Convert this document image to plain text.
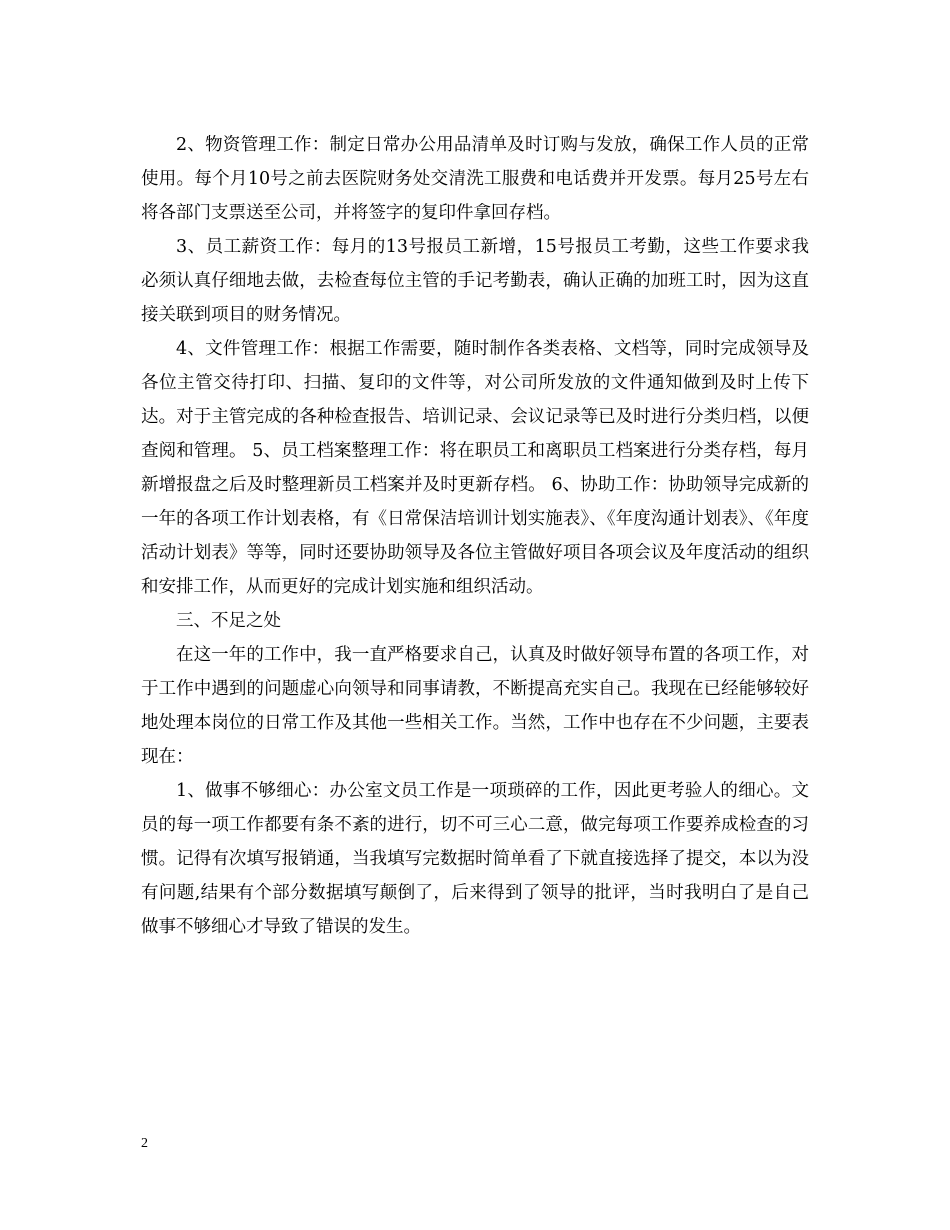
2、物资管理工作：制定日常办公用品清单及时订购与发放，确保工作人员的正常使用。每个月10号之前去医院财务处交清洗工服费和电话费并开发票。每月25号左右将各部门支票送至公司，并将签字的复印件拿回存档。

3、员工薪资工作：每月的13号报员工新增，15号报员工考勤，这些工作要求我必须认真仔细地去做，去检查每位主管的手记考勤表，确认正确的加班工时，因为这直接关联到项目的财务情况。

4、文件管理工作：根据工作需要，随时制作各类表格、文档等，同时完成领导及各位主管交待打印、扫描、复印的文件等，对公司所发放的文件通知做到及时上传下达。对于主管完成的各种检查报告、培训记录、会议记录等已及时进行分类归档，以便查阅和管理。 5、员工档案整理工作：将在职员工和离职员工档案进行分类存档，每月新增报盘之后及时整理新员工档案并及时更新存档。 6、协助工作：协助领导完成新的一年的各项工作计划表格，有《日常保洁培训计划实施表》、《年度沟通计划表》、《年度活动计划表》等等，同时还要协助领导及各位主管做好项目各项会议及年度活动的组织和安排工作，从而更好的完成计划实施和组织活动。

三、不足之处

在这一年的工作中，我一直严格要求自己，认真及时做好领导布置的各项工作，对于工作中遇到的问题虚心向领导和同事请教，不断提高充实自己。我现在已经能够较好地处理本岗位的日常工作及其他一些相关工作。当然，工作中也存在不少问题，主要表现在：

1、做事不够细心：办公室文员工作是一项琐碎的工作，因此更考验人的细心。文员的每一项工作都要有条不紊的进行，切不可三心二意，做完每项工作要养成检查的习惯。记得有次填写报销通，当我填写完数据时简单看了下就直接选择了提交，本以为没有问题,结果有个部分数据填写颠倒了，后来得到了领导的批评，当时我明白了是自己做事不够细心才导致了错误的发生。

2
